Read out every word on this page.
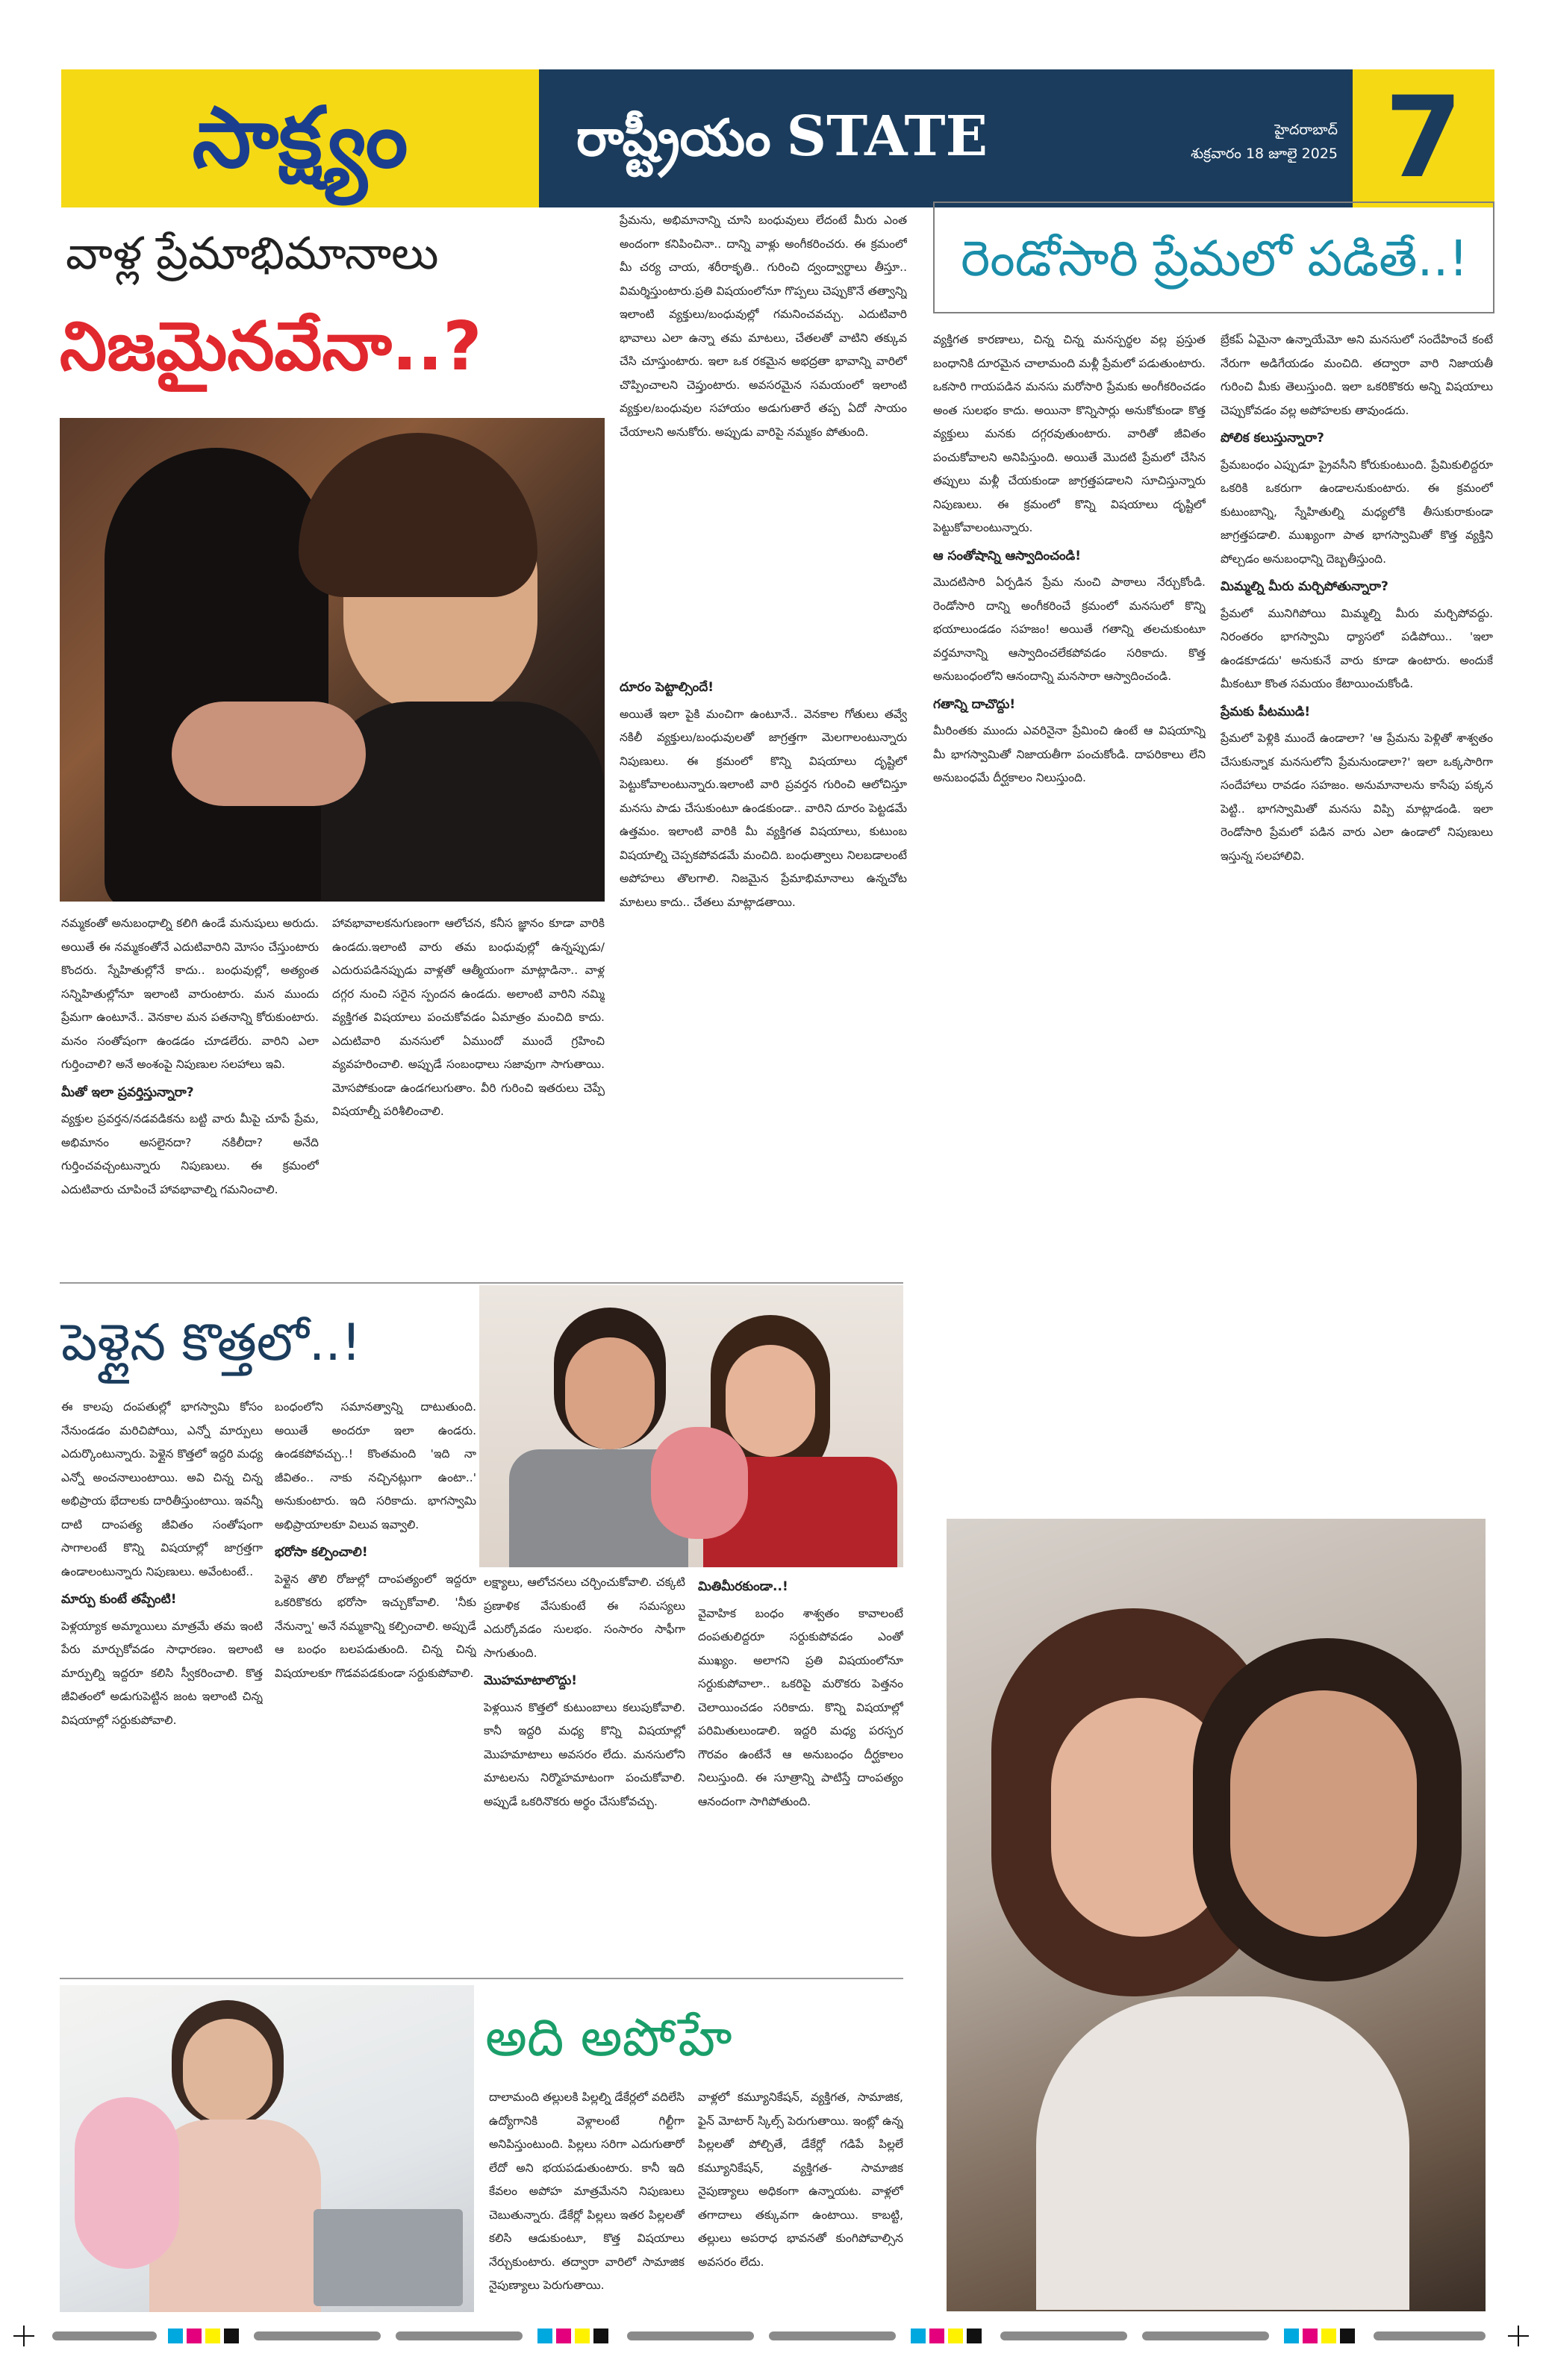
సాక్ష్యం	రాష్ట్రీయం STATE	హైదరాబాద్
శుక్రవారం 18 జూలై 2025 7
వాళ్ల ప్రేమాభిమానాలు
నిజమైనవేనా..?

ప్రేమను, అభిమానాన్ని చూసి బంధువులు లేదంటే మీరు ఎంత అందంగా కనిపించినా.. దాన్ని వాళ్లు అంగీకరించరు. ఈ క్రమంలో మీ చర్య చాయ, శరీరాకృతి.. గురించి ద్వంద్వార్థాలు తీస్తూ.. విమర్శిస్తుంటారు.ప్రతి విషయంలోనూ గొప్పలు చెప్పుకొనే తత్వాన్ని ఇలాంటి వ్యక్తులు/బంధువుల్లో గమనించవచ్చు. ఎదుటివారి భావాలు ఎలా ఉన్నా తమ మాటలు, చేతలతో వాటిని తక్కువ చేసి చూస్తుంటారు. ఇలా ఒక రకమైన అభద్రతా భావాన్ని వారిలో చొప్పించాలని చెప్తుంటారు. అవసరమైన సమయంలో ఇలాంటి వ్యక్తుల/బంధువుల సహాయం అడుగుతారే తప్ప ఏదో సాయం చేయాలని అనుకోరు. అప్పుడు వారిపై నమ్మకం పోతుంది.

దూరం పెట్టాల్సిందే!

అయితే ఇలా పైకి మంచిగా ఉంటూనే.. వెనకాల గోతులు తవ్వే నకిలీ వ్యక్తులు/బంధువులతో జాగ్రత్తగా మెలగాలంటున్నారు నిపుణులు. ఈ క్రమంలో కొన్ని విషయాలు దృష్టిలో పెట్టుకోవాలంటున్నారు.ఇలాంటి వారి ప్రవర్తన గురించి ఆలోచిస్తూ మనసు పాడు చేసుకుంటూ ఉండకుండా.. వారిని దూరం పెట్టడమే ఉత్తమం. ఇలాంటి వారికి మీ వ్యక్తిగత విషయాలు, కుటుంబ విషయాల్ని చెప్పకపోవడమే మంచిది. బంధుత్వాలు నిలబడాలంటే అపోహలు తొలగాలి. నిజమైన ప్రేమాభిమానాలు ఉన్నచోట మాటలు కాదు.. చేతలు మాట్లాడతాయి.

నమ్మకంతో అనుబంధాల్ని కలిగి ఉండే మనుషులు అరుదు. అయితే ఈ నమ్మకంతోనే ఎదుటివారిని మోసం చేస్తుంటారు కొందరు. స్నేహితుల్లోనే కాదు.. బంధువుల్లో, అత్యంత సన్నిహితుల్లోనూ ఇలాంటి వారుంటారు. మన ముందు ప్రేమగా ఉంటూనే.. వెనకాల మన పతనాన్ని కోరుకుంటారు. మనం సంతోషంగా ఉండడం చూడలేరు. వారిని ఎలా గుర్తించాలి? అనే అంశంపై నిపుణుల సలహాలు ఇవి.

మీతో ఇలా ప్రవర్తిస్తున్నారా?

వ్యక్తుల ప్రవర్తన/నడవడికను బట్టి వారు మీపై చూపే ప్రేమ, అభిమానం అసలైనదా? నకిలీదా? అనేది గుర్తించవచ్చంటున్నారు నిపుణులు. ఈ క్రమంలో ఎదుటివారు చూపించే హావభావాల్ని గమనించాలి.

హావభావాలకనుగుణంగా ఆలోచన, కనీస జ్ఞానం కూడా వారికి ఉండదు.ఇలాంటి వారు తమ బంధువుల్లో ఉన్నప్పుడు/ఎదురుపడినప్పుడు వాళ్లతో ఆత్మీయంగా మాట్లాడినా.. వాళ్ల దగ్గర నుంచి సరైన స్పందన ఉండదు. అలాంటి వారిని నమ్మి వ్యక్తిగత విషయాలు పంచుకోవడం ఏమాత్రం మంచిది కాదు. ఎదుటివారి మనసులో ఏముందో ముందే గ్రహించి వ్యవహరించాలి. అప్పుడే సంబంధాలు సజావుగా సాగుతాయి. మోసపోకుండా ఉండగలుగుతాం. వీరి గురించి ఇతరులు చెప్పే విషయాల్నీ పరిశీలించాలి.

రెండోసారి ప్రేమలో పడితే..!

వ్యక్తిగత కారణాలు, చిన్న చిన్న మనస్పర్థల వల్ల ప్రస్తుత బంధానికి దూరమైన చాలామంది మళ్లీ ప్రేమలో పడుతుంటారు. ఒకసారి గాయపడిన మనసు మరోసారి ప్రేమకు అంగీకరించడం అంత సులభం కాదు. అయినా కొన్నిసార్లు అనుకోకుండా కొత్త వ్యక్తులు మనకు దగ్గరవుతుంటారు. వారితో జీవితం పంచుకోవాలని అనిపిస్తుంది. అయితే మొదటి ప్రేమలో చేసిన తప్పులు మళ్లీ చేయకుండా జాగ్రత్తపడాలని సూచిస్తున్నారు నిపుణులు. ఈ క్రమంలో కొన్ని విషయాలు దృష్టిలో పెట్టుకోవాలంటున్నారు.

ఆ సంతోషాన్ని ఆస్వాదించండి!

మొదటిసారి ఏర్పడిన ప్రేమ నుంచి పాఠాలు నేర్చుకోండి. రెండోసారి దాన్ని అంగీకరించే క్రమంలో మనసులో కొన్ని భయాలుండడం సహజం! అయితే గతాన్ని తలచుకుంటూ వర్తమానాన్ని ఆస్వాదించలేకపోవడం సరికాదు. కొత్త అనుబంధంలోని ఆనందాన్ని మనసారా ఆస్వాదించండి.

గతాన్ని దాచొద్దు!

మీరింతకు ముందు ఎవరినైనా ప్రేమించి ఉంటే ఆ విషయాన్ని మీ భాగస్వామితో నిజాయతీగా పంచుకోండి. దాపరికాలు లేని అనుబంధమే దీర్ఘకాలం నిలుస్తుంది.

బ్రేకప్ ఏమైనా ఉన్నాయేమో అని మనసులో సందేహించే కంటే నేరుగా అడిగేయడం మంచిది. తద్వారా వారి నిజాయతీ గురించి మీకు తెలుస్తుంది. ఇలా ఒకరికొకరు అన్ని విషయాలు చెప్పుకోవడం వల్ల అపోహలకు తావుండదు.

పోలిక కలుస్తున్నారా?

ప్రేమబంధం ఎప్పుడూ ప్రైవసీని కోరుకుంటుంది. ప్రేమికులిద్దరూ ఒకరికి ఒకరుగా ఉండాలనుకుంటారు. ఈ క్రమంలో కుటుంబాన్ని, స్నేహితుల్ని మధ్యలోకి తీసుకురాకుండా జాగ్రత్తపడాలి. ముఖ్యంగా పాత భాగస్వామితో కొత్త వ్యక్తిని పోల్చడం అనుబంధాన్ని దెబ్బతీస్తుంది.

మిమ్మల్ని మీరు మర్చిపోతున్నారా?

ప్రేమలో మునిగిపోయి మిమ్మల్ని మీరు మర్చిపోవద్దు. నిరంతరం భాగస్వామి ధ్యాసలో పడిపోయి.. 'ఇలా ఉండకూడదు' అనుకునే వారు కూడా ఉంటారు. అందుకే మీకంటూ కొంత సమయం కేటాయించుకోండి.

ప్రేమకు పీటముడి!

ప్రేమలో పెళ్లికి ముందే ఉండాలా? 'ఆ ప్రేమను పెళ్లితో శాశ్వతం చేసుకున్నాక మనసులోని ప్రేమనుండాలా?' ఇలా ఒక్కసారిగా సందేహాలు రావడం సహజం. అనుమానాలను కాసేపు పక్కన పెట్టి.. భాగస్వామితో మనసు విప్పి మాట్లాడండి. ఇలా రెండోసారి ప్రేమలో పడిన వారు ఎలా ఉండాలో నిపుణులు ఇస్తున్న సలహాలివి.

పెళ్లైన కొత్తలో..!

ఈ కాలపు దంపతుల్లో భాగస్వామి కోసం నేనుండడం మరిచిపోయి, ఎన్నో మార్పులు ఎదుర్కొంటున్నారు. పెళ్లైన కొత్తలో ఇద్దరి మధ్య ఎన్నో అంచనాలుంటాయి. అవి చిన్న చిన్న అభిప్రాయ భేదాలకు దారితీస్తుంటాయి. ఇవన్నీ దాటి దాంపత్య జీవితం సంతోషంగా సాగాలంటే కొన్ని విషయాల్లో జాగ్రత్తగా ఉండాలంటున్నారు నిపుణులు. అవేంటంటే..

మార్పు కుంటే తప్పేంటి!

పెళ్లయ్యాక అమ్మాయిలు మాత్రమే తమ ఇంటి పేరు మార్చుకోవడం సాధారణం. ఇలాంటి మార్పుల్ని ఇద్దరూ కలిసి స్వీకరించాలి. కొత్త జీవితంలో అడుగుపెట్టిన జంట ఇలాంటి చిన్న విషయాల్లో సర్దుకుపోవాలి.

బంధంలోని సమానత్వాన్ని దాటుతుంది. అయితే అందరూ ఇలా ఉండరు. ఉండకపోవచ్చు..! కొంతమంది 'ఇది నా జీవితం.. నాకు నచ్చినట్లుగా ఉంటా..' అనుకుంటారు. ఇది సరికాదు. భాగస్వామి అభిప్రాయాలకూ విలువ ఇవ్వాలి.

భరోసా కల్పించాలి!

పెళ్లైన తొలి రోజుల్లో దాంపత్యంలో ఇద్దరూ ఒకరికొకరు భరోసా ఇచ్చుకోవాలి. 'నీకు నేనున్నా' అనే నమ్మకాన్ని కల్పించాలి. అప్పుడే ఆ బంధం బలపడుతుంది. చిన్న చిన్న విషయాలకూ గొడవపడకుండా సర్దుకుపోవాలి.

లక్ష్యాలు, ఆలోచనలు చర్చించుకోవాలి. చక్కటి ప్రణాళిక వేసుకుంటే ఈ సమస్యలు ఎదుర్కోవడం సులభం. సంసారం సాఫీగా సాగుతుంది.

మొహమాటాలొద్దు!

పెళ్లయిన కొత్తలో కుటుంబాలు కలుపుకోవాలి. కానీ ఇద్దరి మధ్య కొన్ని విషయాల్లో మొహమాటాలు అవసరం లేదు. మనసులోని మాటలను నిర్మొహమాటంగా పంచుకోవాలి. అప్పుడే ఒకరినొకరు అర్థం చేసుకోవచ్చు.

మితిమీరకుండా..!

వైవాహిక బంధం శాశ్వతం కావాలంటే దంపతులిద్దరూ సర్దుకుపోవడం ఎంతో ముఖ్యం. అలాగని ప్రతి విషయంలోనూ సర్దుకుపోవాలా.. ఒకరిపై మరొకరు పెత్తనం చెలాయించడం సరికాదు. కొన్ని విషయాల్లో పరిమితులుండాలి. ఇద్దరి మధ్య పరస్పర గౌరవం ఉంటేనే ఆ అనుబంధం దీర్ఘకాలం నిలుస్తుంది. ఈ సూత్రాన్ని పాటిస్తే దాంపత్యం ఆనందంగా సాగిపోతుంది.

అది అపోహే

దాలామంది తల్లులకి పిల్లల్ని డేకేర్లలో వదిలేసి ఉద్యోగానికి వెళ్లాలంటే గిల్టీగా అనిపిస్తుంటుంది. పిల్లలు సరిగా ఎదుగుతారో లేదో అని భయపడుతుంటారు. కానీ ఇది కేవలం అపోహ మాత్రమేనని నిపుణులు చెబుతున్నారు. డేకేర్లో పిల్లలు ఇతర పిల్లలతో కలిసి ఆడుకుంటూ, కొత్త విషయాలు నేర్చుకుంటారు. తద్వారా వారిలో సామాజిక నైపుణ్యాలు పెరుగుతాయి.

వాళ్లలో కమ్యూనికేషన్, వ్యక్తిగత, సామాజిక, ఫైన్ మోటార్ స్కిల్స్ పెరుగుతాయి. ఇంట్లో ఉన్న పిల్లలతో పోల్చితే, డేకేర్లో గడిపే పిల్లలే కమ్యూనికేషన్, వ్యక్తిగత- సామాజిక నైపుణ్యాలు అధికంగా ఉన్నాయట. వాళ్లలో తగాదాలు తక్కువగా ఉంటాయి. కాబట్టి, తల్లులు అపరాధ భావనతో కుంగిపోవాల్సిన అవసరం లేదు.
